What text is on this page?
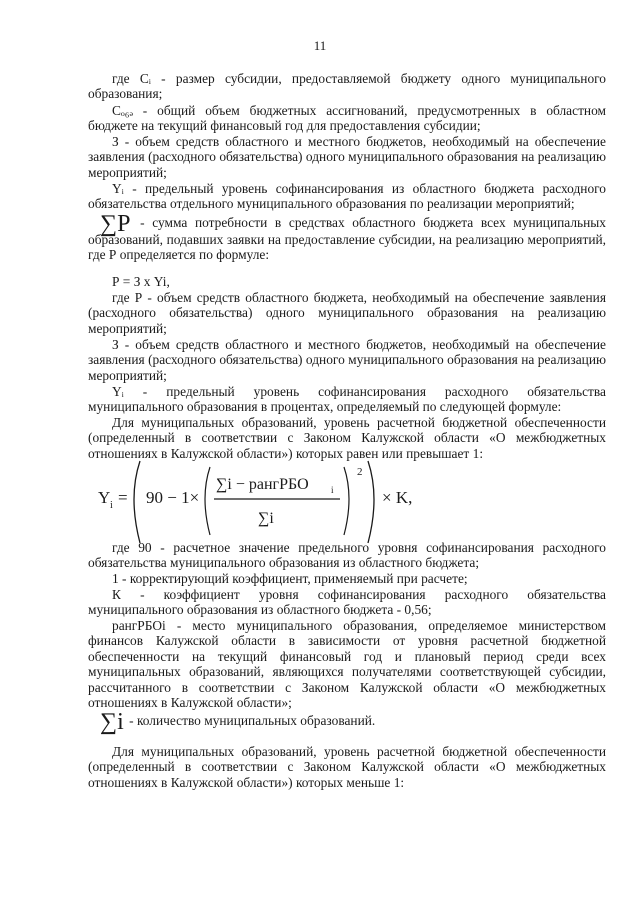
11
где Сᵢ - размер субсидии, предоставляемой бюджету одного муниципального образования;
Сₒ₆ₔ - общий объем бюджетных ассигнований, предусмотренных в областном бюджете на текущий финансовый год для предоставления субсидии;
З - объем средств областного и местного бюджетов, необходимый на обеспечение заявления (расходного обязательства) одного муниципального образования на реализацию мероприятий;
Yᵢ - предельный уровень софинансирования из областного бюджета расходного обязательства отдельного муниципального образования по реализации мероприятий;
∑P - сумма потребности в средствах областного бюджета всех муниципальных образований, подавших заявки на предоставление субсидии, на реализацию мероприятий, где Р определяется по формуле:
Р = З х Yi,
где Р - объем средств областного бюджета, необходимый на обеспечение заявления (расходного обязательства) одного муниципального образования на реализацию мероприятий;
З - объем средств областного и местного бюджетов, необходимый на обеспечение заявления (расходного обязательства) одного муниципального образования на реализацию мероприятий;
Yᵢ - предельный уровень софинансирования расходного обязательства муниципального образования в процентах, определяемый по следующей формуле:
Для муниципальных образований, уровень расчетной бюджетной обеспеченности (определенный в соответствии с Законом Калужской области «О межбюджетных отношениях в Калужской области») которых равен или превышает 1:
Y i = 90 − 1×
∑i − рангРБО i
∑i
2
× K,
где 90 - расчетное значение предельного уровня софинансирования расходного обязательства муниципального образования из областного бюджета;
1 - корректирующий коэффициент, применяемый при расчете;
К - коэффициент уровня софинансирования расходного обязательства муниципального образования из областного бюджета - 0,56;
рангРБОi - место муниципального образования, определяемое министерством финансов Калужской области в зависимости от уровня расчетной бюджетной обеспеченности на текущий финансовый год и плановый период среди всех муниципальных образований, являющихся получателями соответствующей субсидии, рассчитанного в соответствии с Законом Калужской области «О межбюджетных отношениях в Калужской области»;
∑i - количество муниципальных образований.
Для муниципальных образований, уровень расчетной бюджетной обеспеченности (определенный в соответствии с Законом Калужской области «О межбюджетных отношениях в Калужской области») которых меньше 1:
